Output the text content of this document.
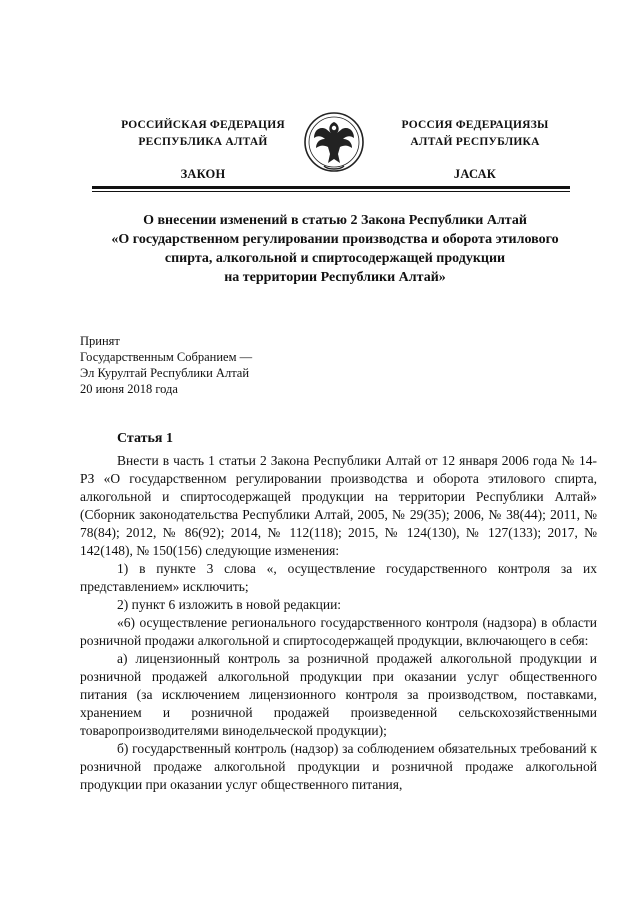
РОССИЙСКАЯ ФЕДЕРАЦИЯ
РЕСПУБЛИКА АЛТАЙ
ЗАКОН
РОССИЯ ФЕДЕРАЦИЯЗЫ
АЛТАЙ РЕСПУБЛИКА
ЈАСАК
О внесении изменений в статью 2 Закона Республики Алтай
«О государственном регулировании производства и оборота этилового
спирта, алкогольной и спиртосодержащей продукции
на территории Республики Алтай»
Принят
Государственным Собранием —
Эл Курултай Республики Алтай
20 июня 2018 года
Статья 1

Внести в часть 1 статьи 2 Закона Республики Алтай от 12 января 2006 года № 14-РЗ «О государственном регулировании производства и оборота этилового спирта, алкогольной и спиртосодержащей продукции на территории Республики Алтай» (Сборник законодательства Республики Алтай, 2005, № 29(35); 2006, № 38(44); 2011, № 78(84); 2012, № 86(92); 2014, № 112(118); 2015, № 124(130), № 127(133); 2017, № 142(148), № 150(156) следующие изменения:

1) в пункте 3 слова «, осуществление государственного контроля за их представлением» исключить;

2) пункт 6 изложить в новой редакции:

«6) осуществление регионального государственного контроля (надзора) в области розничной продажи алкогольной и спиртосодержащей продукции, включающего в себя:

а) лицензионный контроль за розничной продажей алкогольной продукции и розничной продажей алкогольной продукции при оказании услуг общественного питания (за исключением лицензионного контроля за производством, поставками, хранением и розничной продажей произведенной сельскохозяйственными товаропроизводителями винодельческой продукции);

б) государственный контроль (надзор) за соблюдением обязательных требований к розничной продаже алкогольной продукции и розничной продаже алкогольной продукции при оказании услуг общественного питания,
